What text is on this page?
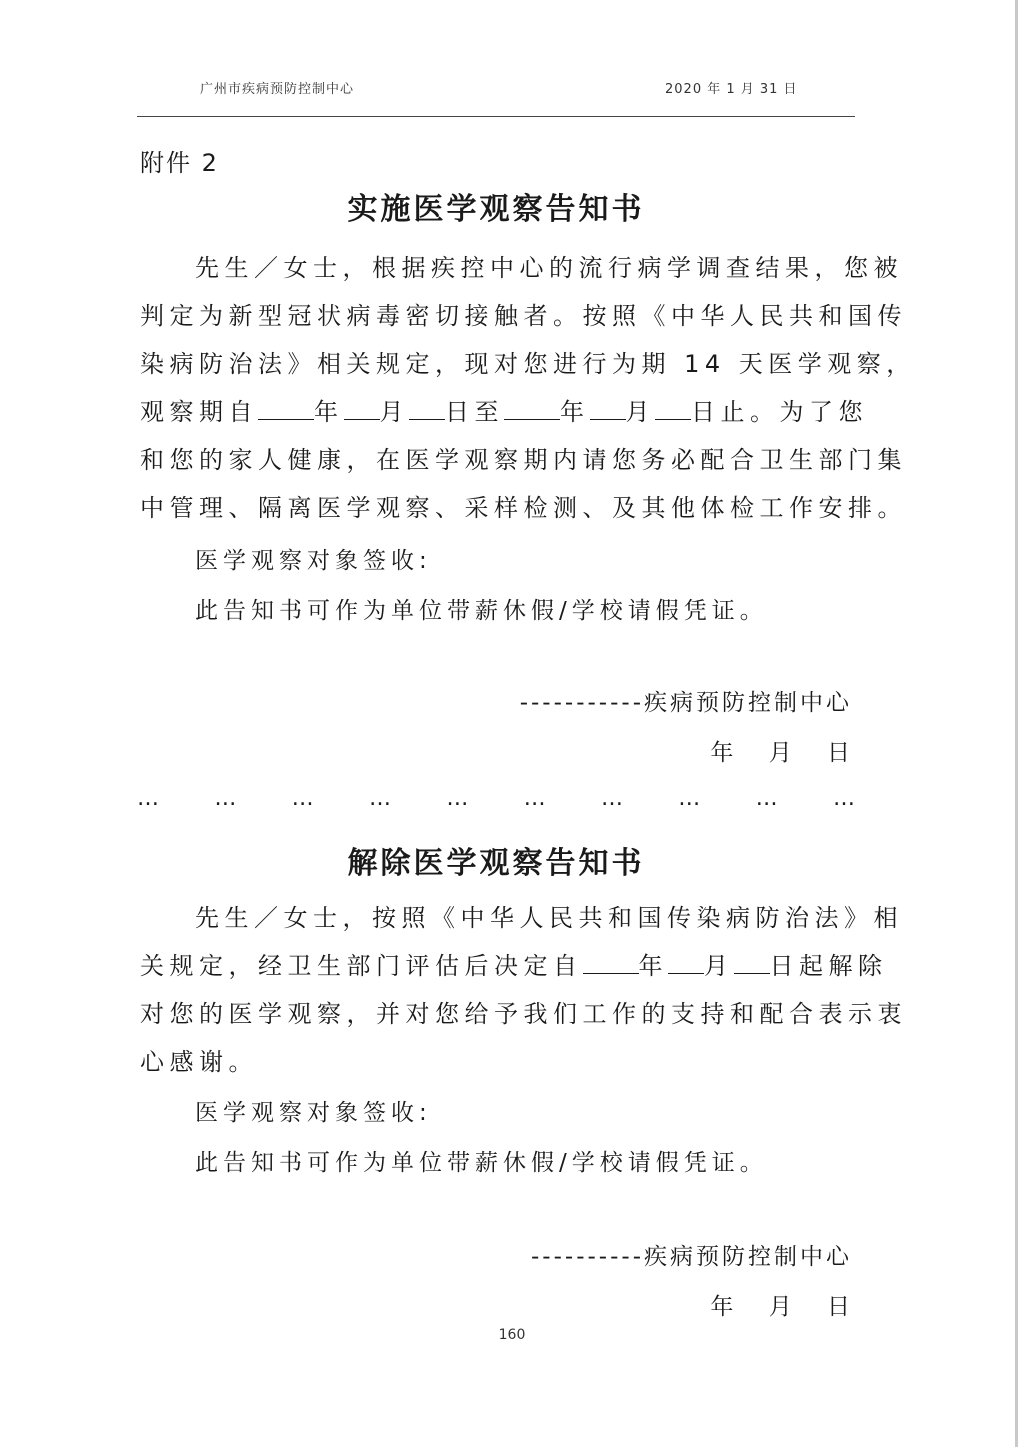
广州市疾病预防控制中心	2020 年 1 月 31 日
附件 2
实施医学观察告知书
先生／女士，根据疾控中心的流行病学调查结果，您被
判定为新型冠状病毒密切接触者。按照《中华人民共和国传
染病防治法》相关规定，现对您进行为期 14 天医学观察，
观察期自 年 月 日至 年 月 日止。为了您
和您的家人健康，在医学观察期内请您务必配合卫生部门集
中管理、隔离医学观察、采样检测、及其他体检工作安排。
医学观察对象签收:
此告知书可作为单位带薪休假/学校请假凭证。
-----------疾病预防控制中心
年 月 日
…	…	…	…	…	…	…	…	…	…
解除医学观察告知书
先生／女士，按照《中华人民共和国传染病防治法》相
关规定，经卫生部门评估后决定自 年 月 日起解除
对您的医学观察，并对您给予我们工作的支持和配合表示衷
心感谢。
医学观察对象签收:
此告知书可作为单位带薪休假/学校请假凭证。
----------疾病预防控制中心
年 月 日
160
